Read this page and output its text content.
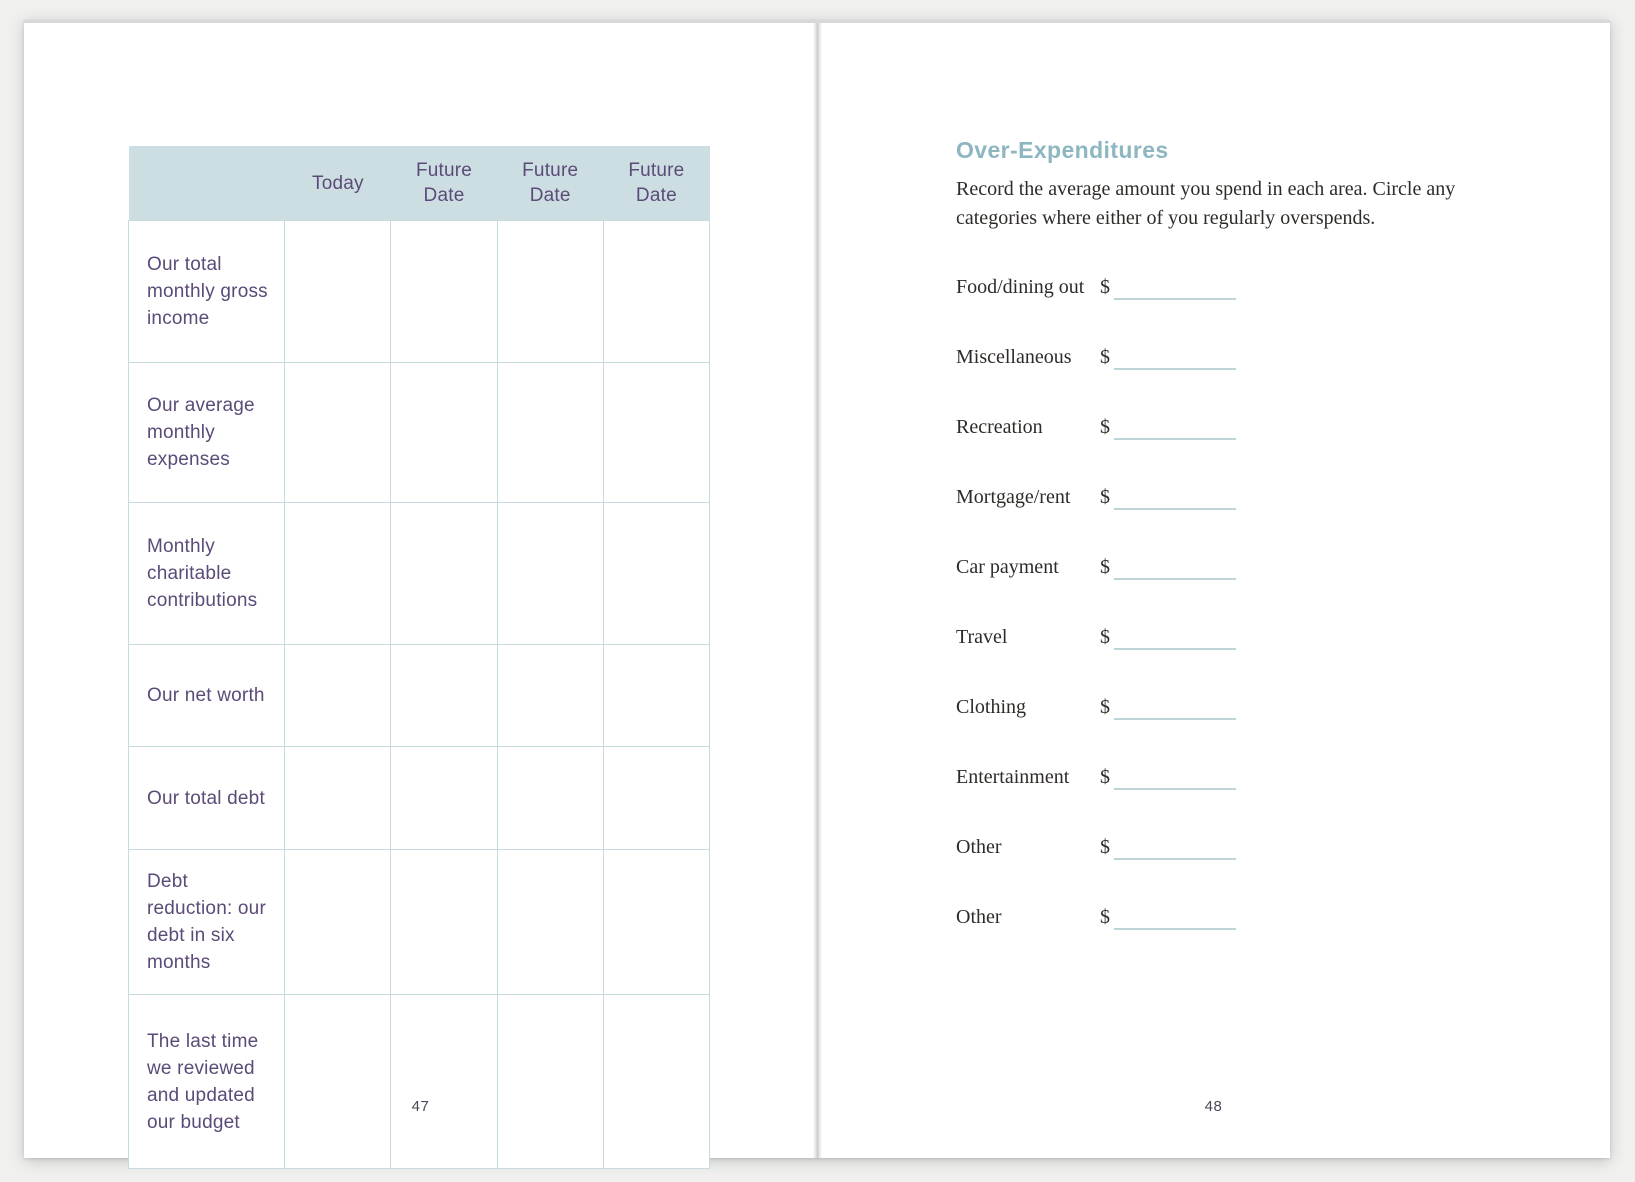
	Today	Future Date	Future Date	Future Date
Our total monthly gross income				
Our average monthly expenses				
Monthly charitable contributions				
Our net worth				
Our total debt				
Debt reduction: our debt in six months				
The last time we reviewed and updated our budget				
47
Over-Expenditures

Record the average amount you spend in each area. Circle any categories where either of you regularly overspends.

Food/dining out $
Miscellaneous $
Recreation	$
Mortgage/rent $
Car payment $
Travel	$
Clothing	$
Entertainment $
Other	$
Other	$
48
